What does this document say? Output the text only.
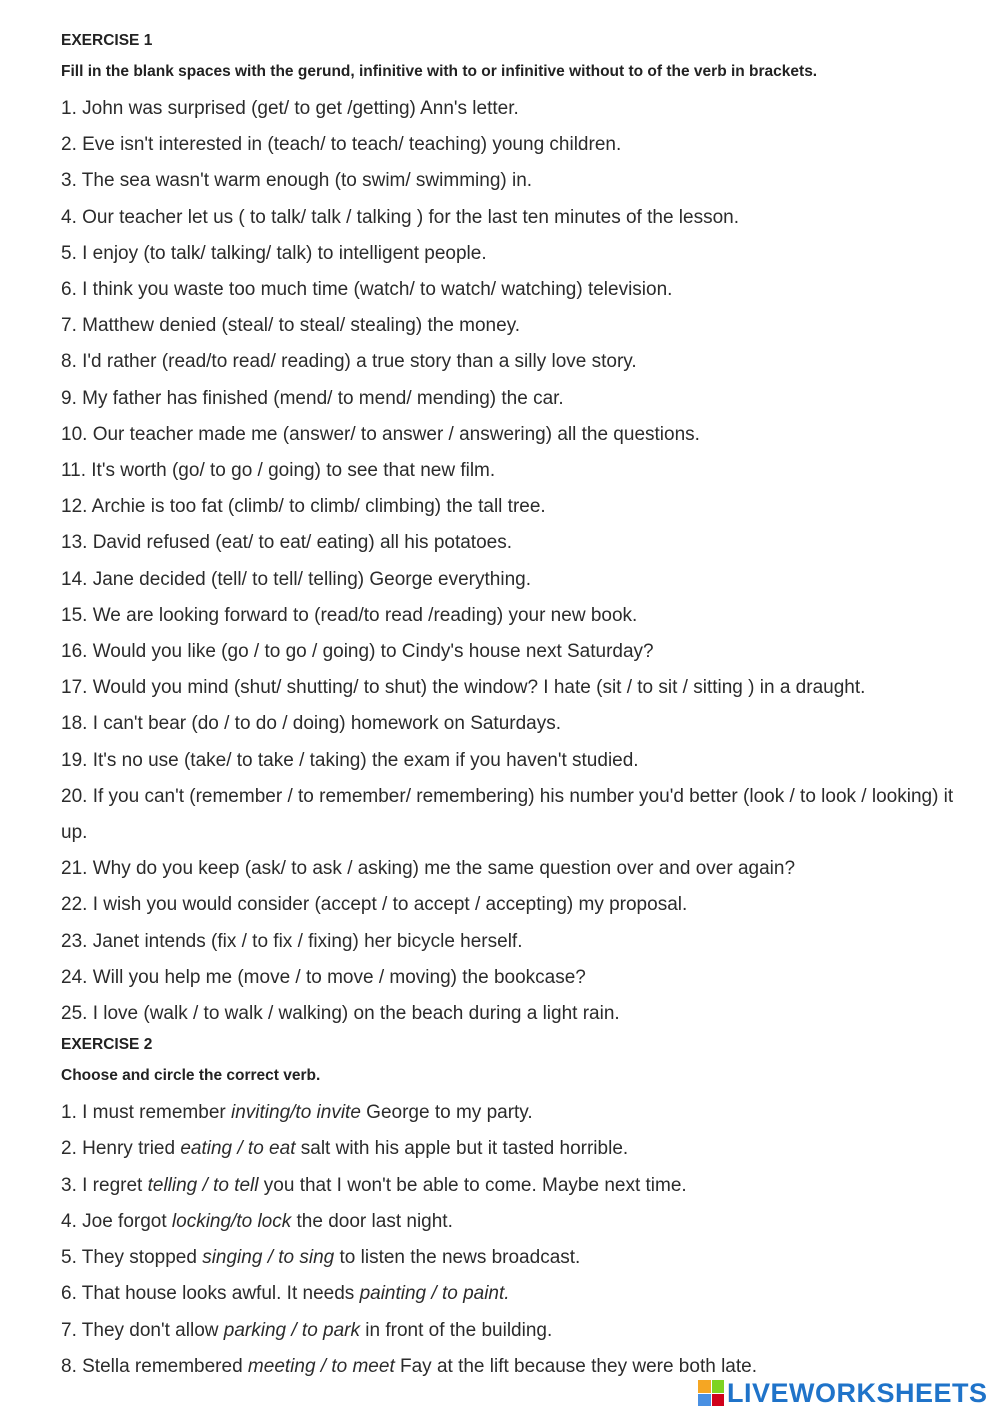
EXERCISE 1

Fill in the blank spaces with the gerund, infinitive with to or infinitive without to of the verb in brackets.

1. John was surprised (get/ to get /getting) Ann's letter.
2. Eve isn't interested in (teach/ to teach/ teaching) young children.
3. The sea wasn't warm enough (to swim/ swimming) in.
4. Our teacher let us ( to talk/ talk / talking ) for the last ten minutes of the lesson.
5. I enjoy (to talk/ talking/ talk) to intelligent people.
6. I think you waste too much time (watch/ to watch/ watching) television.
7. Matthew denied (steal/ to steal/ stealing) the money.
8. I'd rather (read/to read/ reading) a true story than a silly love story.
9. My father has finished (mend/ to mend/ mending) the car.
10. Our teacher made me (answer/ to answer / answering) all the questions.
11. It's worth (go/ to go / going) to see that new film.
12. Archie is too fat (climb/ to climb/ climbing) the tall tree.
13. David refused (eat/ to eat/ eating) all his potatoes.
14. Jane decided (tell/ to tell/ telling) George everything.
15. We are looking forward to (read/to read /reading) your new book.
16. Would you like (go / to go / going) to Cindy's house next Saturday?
17. Would you mind (shut/ shutting/ to shut) the window? I hate (sit / to sit / sitting ) in a draught.
18. I can't bear (do / to do / doing) homework on Saturdays.
19. It's no use (take/ to take / taking) the exam if you haven't studied.
20. If you can't (remember / to remember/ remembering) his number you'd better (look / to look / looking) it up.
21. Why do you keep (ask/ to ask / asking) me the same question over and over again?
22. I wish you would consider (accept / to accept / accepting) my proposal.
23. Janet intends (fix / to fix / fixing) her bicycle herself.
24. Will you help me (move / to move / moving) the bookcase?
25. I love (walk / to walk / walking) on the beach during a light rain.
EXERCISE 2

Choose and circle the correct verb.

1. I must remember inviting/to invite George to my party.
2. Henry tried eating / to eat salt with his apple but it tasted horrible.
3. I regret telling / to tell you that I won't be able to come. Maybe next time.
4. Joe forgot locking/to lock the door last night.
5. They stopped singing / to sing to listen the news broadcast.
6. That house looks awful. It needs painting / to paint.
7. They don't allow parking / to park in front of the building.
8. Stella remembered meeting / to meet Fay at the lift because they were both late.
LIVEWORKSHEETS
